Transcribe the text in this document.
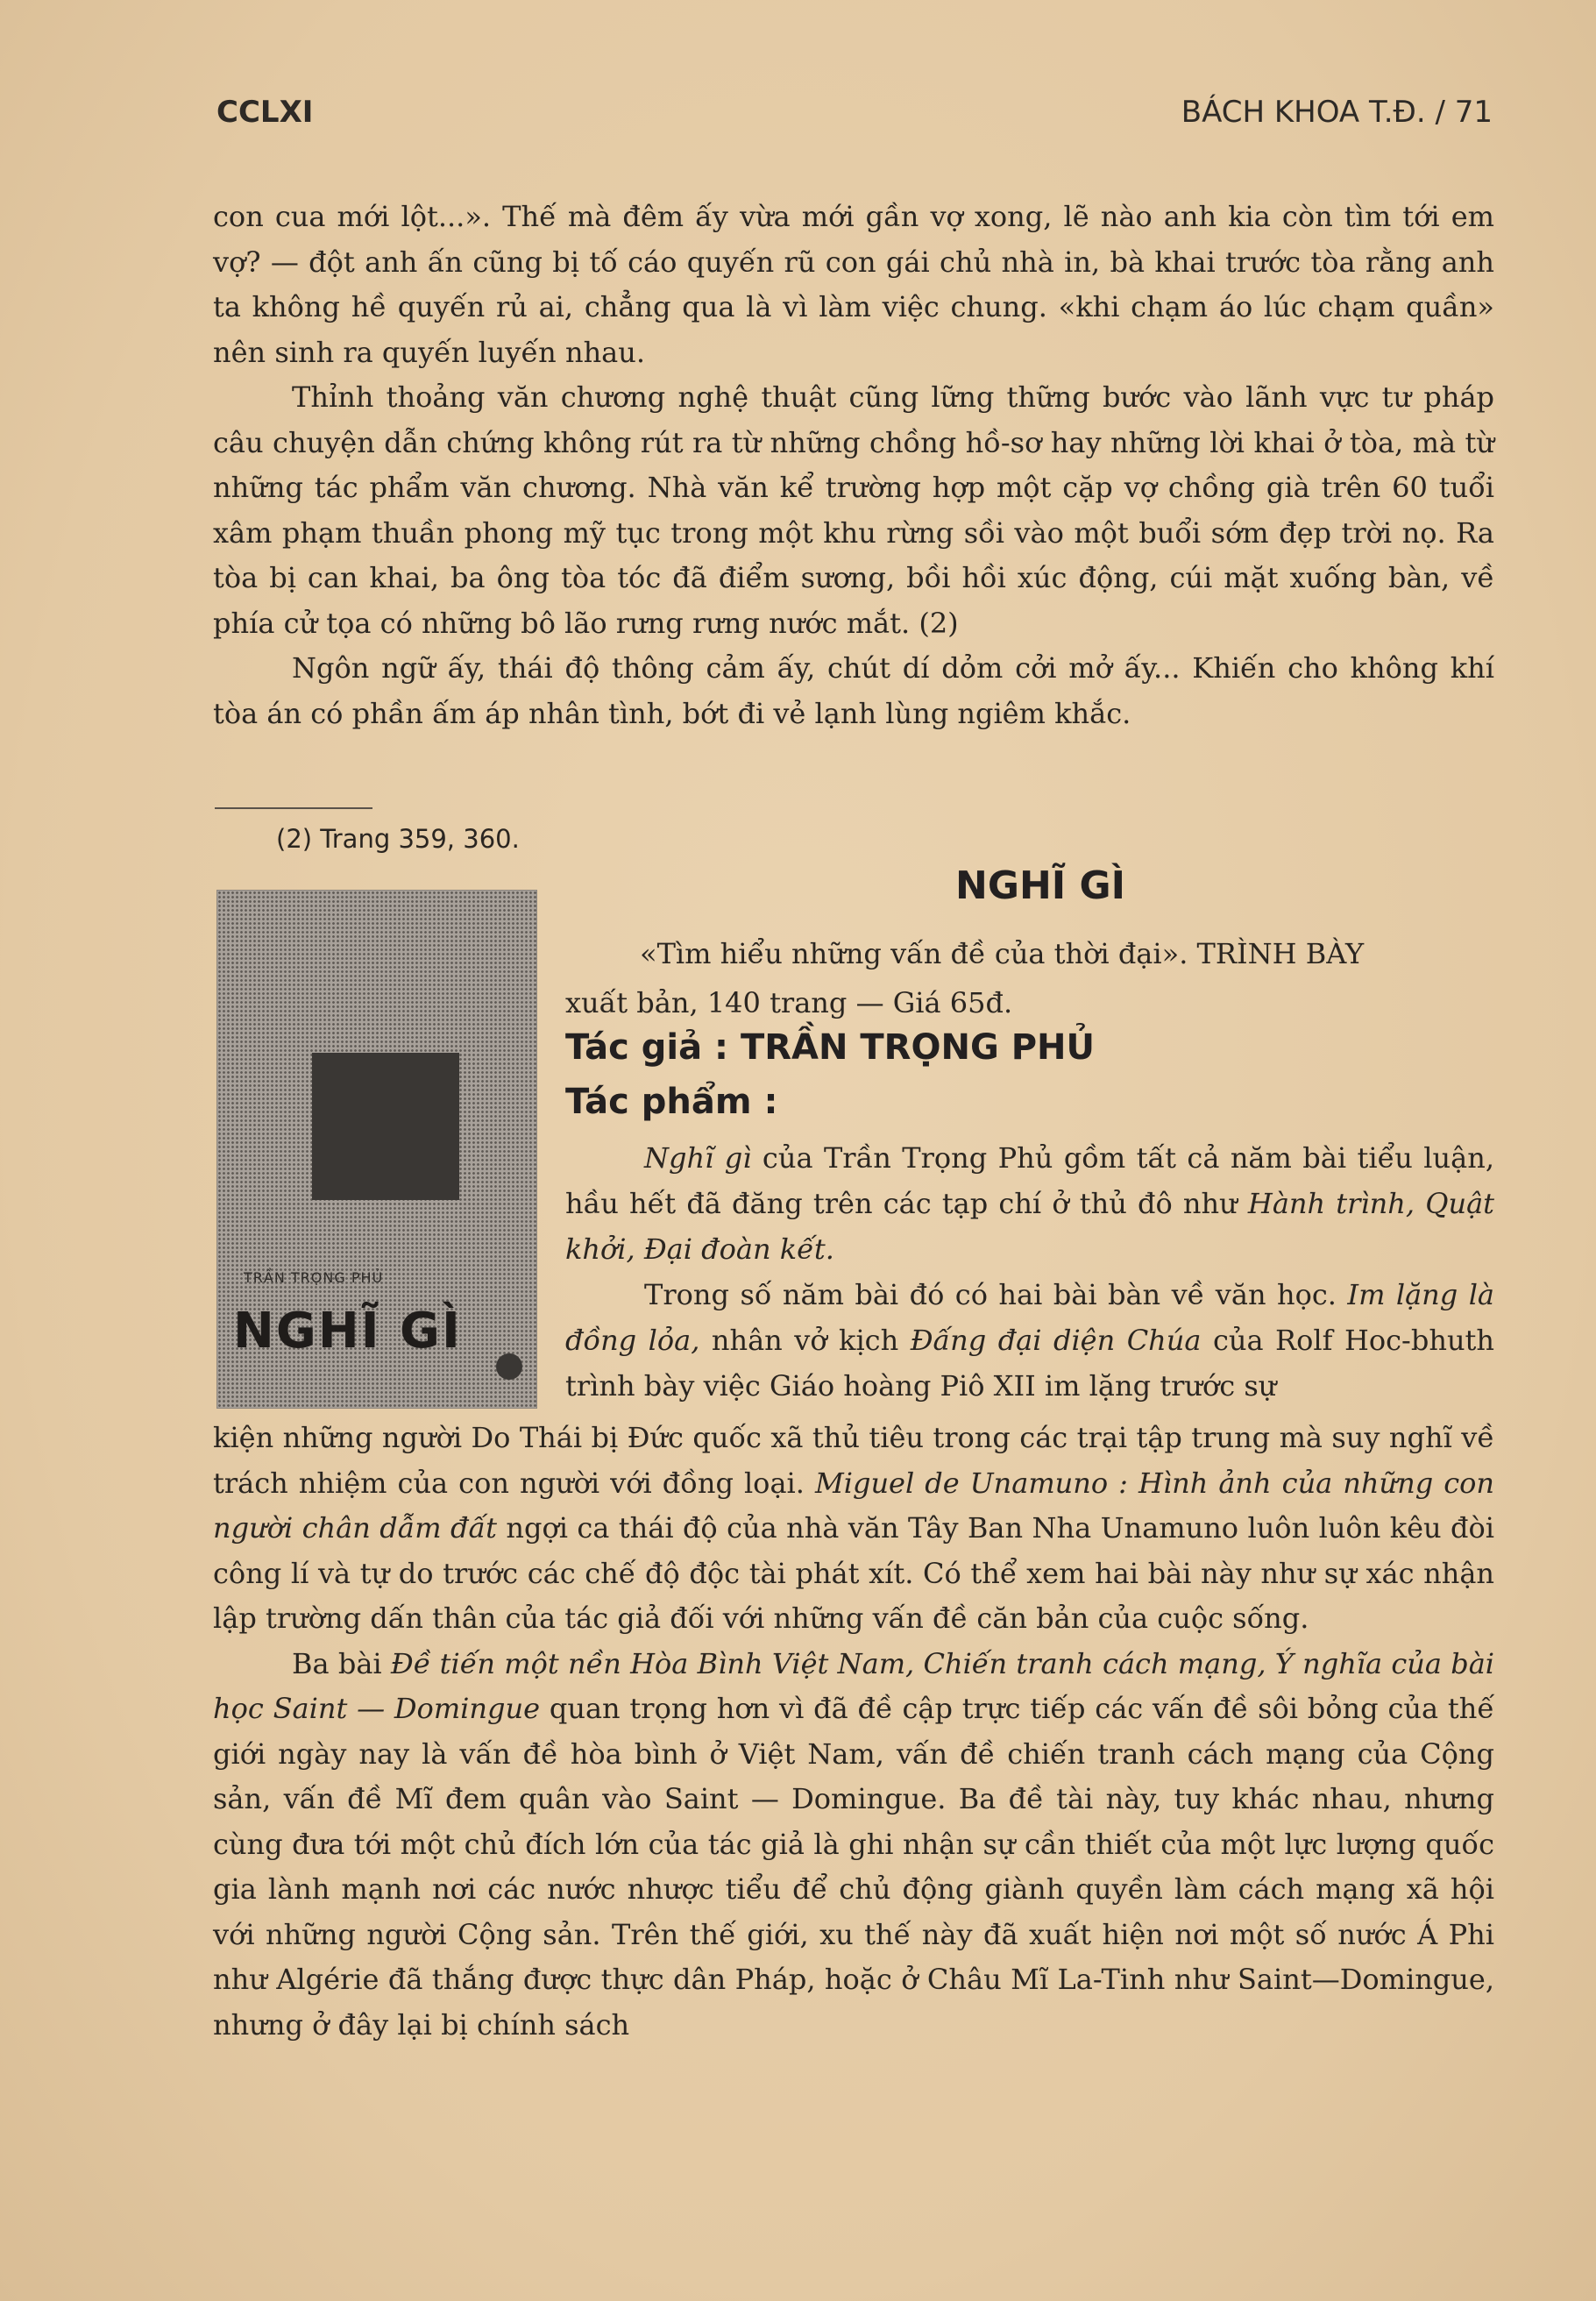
CCLXI	BÁCH KHOA T.Đ. / 71

con cua mới lột...». Thế mà đêm ấy vừa mới gần vợ xong, lẽ nào anh kia còn tìm tới em vợ? — đột anh ấn cũng bị tố cáo quyến rũ con gái chủ nhà in, bà khai trước tòa rằng anh ta không hề quyến rủ ai, chẳng qua là vì làm việc chung. «khi chạm áo lúc chạm quần» nên sinh ra quyến luyến nhau.

Thỉnh thoảng văn chương nghệ thuật cũng lững thững bước vào lãnh vực tư pháp câu chuyện dẫn chứng không rút ra từ những chồng hồ-sơ hay những lời khai ở tòa, mà từ những tác phẩm văn chương. Nhà văn kể trường hợp một cặp vợ chồng già trên 60 tuổi xâm phạm thuần phong mỹ tục trong một khu rừng sồi vào một buổi sớm đẹp trời nọ. Ra tòa bị can khai, ba ông tòa tóc đã điểm sương, bồi hồi xúc động, cúi mặt xuống bàn, về phía cử tọa có những bô lão rưng rưng nước mắt. (2)

Ngôn ngữ ấy, thái độ thông cảm ấy, chút dí dỏm cởi mở ấy... Khiến cho không khí tòa án có phần ấm áp nhân tình, bớt đi vẻ lạnh lùng ngiêm khắc.

(2) Trang 359, 360.
TRẦN TRỌNG PHỦ
NGHĨ GÌ
NGHĨ GÌ
«Tìm hiểu những vấn đề của thời đại». TRÌNH BÀY
xuất bản, 140 trang — Giá 65đ.
Tác giả : TRẦN TRỌNG PHỦ
Tác phẩm :

Nghĩ gì của Trần Trọng Phủ gồm tất cả năm bài tiểu luận, hầu hết đã đăng trên các tạp chí ở thủ đô như Hành trình, Quật khởi, Đại đoàn kết.

Trong số năm bài đó có hai bài bàn về văn học. Im lặng là đồng lỏa, nhân vở kịch Đấng đại diện Chúa của Rolf Hoc-bhuth trình bày việc Giáo hoàng Piô XII im lặng trước sự

kiện những người Do Thái bị Đức quốc xã thủ tiêu trong các trại tập trung mà suy nghĩ về trách nhiệm của con người với đồng loại. Miguel de Unamuno : Hình ảnh của những con người chân dẫm đất ngợi ca thái độ của nhà văn Tây Ban Nha Unamuno luôn luôn kêu đòi công lí và tự do trước các chế độ độc tài phát xít. Có thể xem hai bài này như sự xác nhận lập trường dấn thân của tác giả đối với những vấn đề căn bản của cuộc sống.

Ba bài Đề tiến một nền Hòa Bình Việt Nam, Chiến tranh cách mạng, Ý nghĩa của bài học Saint — Domingue quan trọng hơn vì đã đề cập trực tiếp các vấn đề sôi bỏng của thế giới ngày nay là vấn đề hòa bình ở Việt Nam, vấn đề chiến tranh cách mạng của Cộng sản, vấn đề Mĩ đem quân vào Saint — Domingue. Ba đề tài này, tuy khác nhau, nhưng cùng đưa tới một chủ đích lớn của tác giả là ghi nhận sự cần thiết của một lực lượng quốc gia lành mạnh nơi các nước nhược tiểu để chủ động giành quyền làm cách mạng xã hội với những người Cộng sản. Trên thế giới, xu thế này đã xuất hiện nơi một số nước Á Phi như Algérie đã thắng được thực dân Pháp, hoặc ở Châu Mĩ La-Tinh như Saint—Domingue, nhưng ở đây lại bị chính sách
